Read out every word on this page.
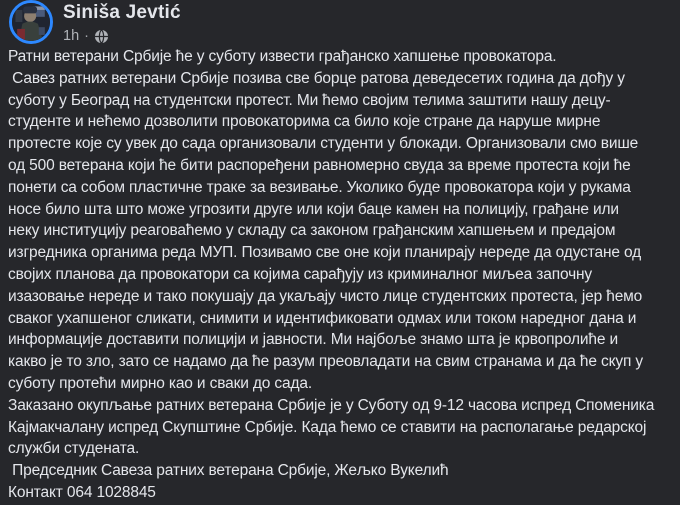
Siniša Jevtić
1h ·
Ратни ветерани Србије ће у суботу извести грађанско хапшење провокатора.
Савез ратних ветерани Србије позива све борце ратова деведесетих година да дођу у
суботу у Београд на студентски протест. Ми ћемо својим телима заштити нашу децу-
студенте и нећемо дозволити провокаторима са било које стране да наруше мирне
протесте које су увек до сада организовали студенти у блокади. Организовали смо више
од 500 ветерана који ће бити распоређени равномерно свуда за време протеста који ће
понети са собом пластичне траке за везивање. Уколико буде провокатора који у рукама
носе било шта што може угрозити друге или који баце камен на полицију, грађане или
неку институцију реаговаћемо у складу са законом грађанским хапшењем и предајом
изгредника органима реда МУП. Позивамо све оне који планирају нереде да одустане од
својих планова да провокатори са којима сарађују из криминалног миљеа започну
изазовање нереде и тако покушају да укаљају чисто лице студентских протеста, јер ћемо
сваког ухапшеног сликати, снимити и идентификовати одмах или током наредног дана и
информације доставити полицији и јавности. Ми најбоље знамо шта је крвопролиће и
какво је то зло, зато се надамо да ће разум преовладати на свим странама и да ће скуп у
суботу протећи мирно као и сваки до сада.
Заказано окупљање ратних ветерана Србије је у Суботу од 9-12 часова испред Споменика
Кајмакчалану испред Скупштине Србије. Када ћемо се ставити на располагање редарској
служби студената.
Председник Савеза ратних ветерана Србије, Жељко Вукелић
Контакт 064 1028845
